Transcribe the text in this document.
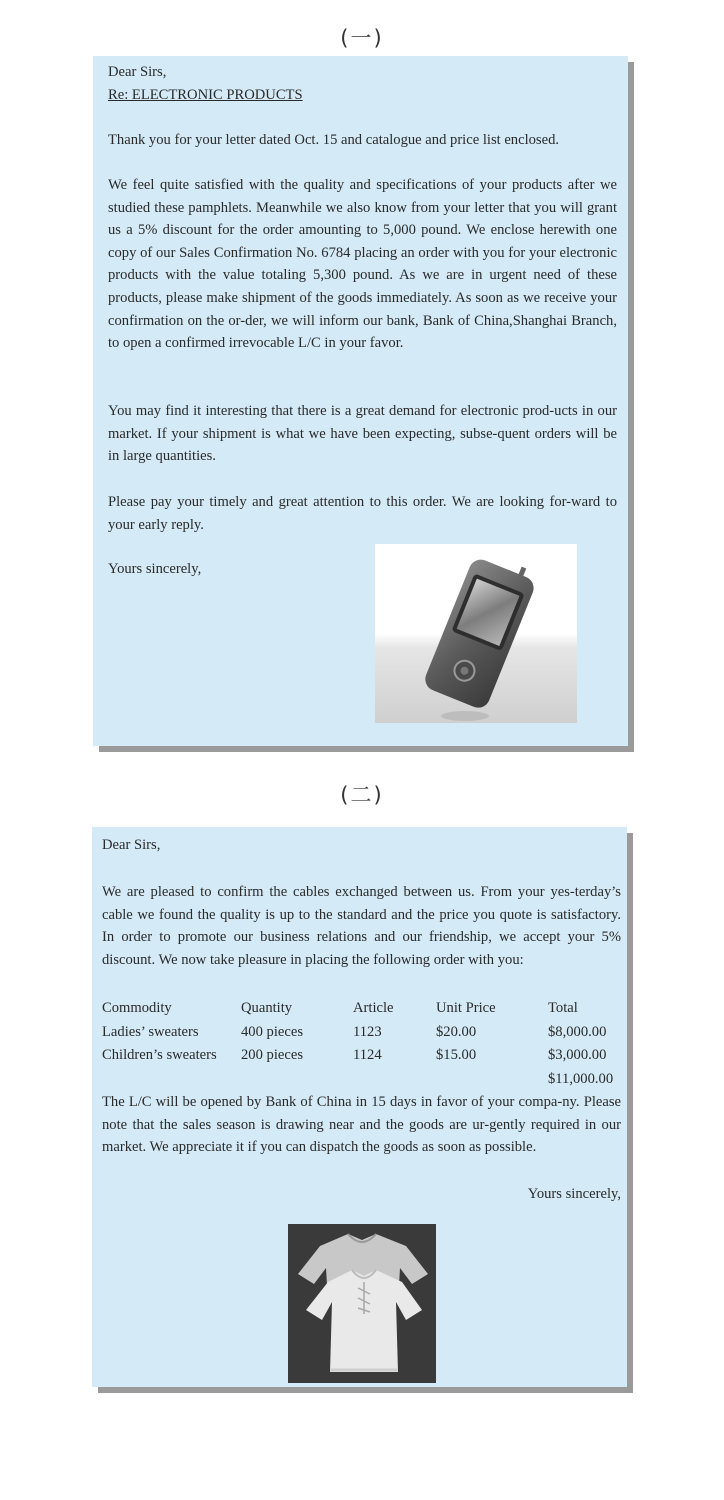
(一)
Dear Sirs,
Re: ELECTRONIC PRODUCTS

Thank you for your letter dated Oct. 15 and catalogue and price list enclosed.

We feel quite satisfied with the quality and specifications of your products after we studied these pamphlets. Meanwhile we also know from your letter that you will grant us a 5% discount for the order amounting to 5,000 pound. We enclose herewith one copy of our Sales Confirmation No. 6784 placing an order with you for your electronic products with the value totaling 5,300 pound. As we are in urgent need of these products, please make shipment of the goods immediately. As soon as we receive your confirmation on the or-der, we will inform our bank, Bank of China,Shanghai Branch, to open a confirmed irrevocable L/C in your favor.

You may find it interesting that there is a great demand for electronic prod-ucts in our market. If your shipment is what we have been expecting, subse-quent orders will be in large quantities.

Please pay your timely and great attention to this order. We are looking for-ward to your early reply.

Yours sincerely,
(二)
Dear Sirs,

We are pleased to confirm the cables exchanged between us. From your yes-terday’s cable we found the quality is up to the standard and the price you quote is satisfactory. In order to promote our business relations and our friendship, we accept your 5% discount. We now take pleasure in placing the following order with you:

Commodity	Quantity	Article	Unit Price	Total
Ladies’ sweaters	400 pieces	1123	$20.00	$8,000.00
Children’s sweaters	200 pieces	1124	$15.00	$3,000.00
				$11,000.00

The L/C will be opened by Bank of China in 15 days in favor of your compa-ny. Please note that the sales season is drawing near and the goods are ur-gently required in our market. We appreciate it if you can dispatch the goods as soon as possible.

Yours sincerely,
